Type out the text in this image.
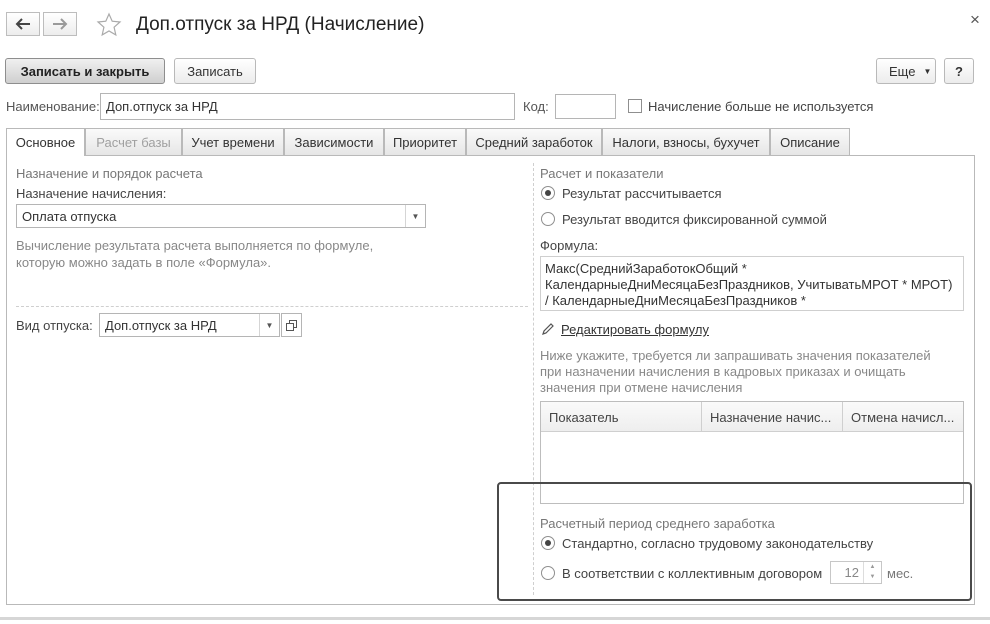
Доп.отпуск за НРД (Начисление)	×
Записать и закрыть	Записать	Еще ▼	?
Наименование: Доп.отпуск за НРД	Код:	Начисление больше не используется
Основное	Расчет базы	Учет времени	Зависимости	Приоритет	Средний заработок	Налоги, взносы, бухучет	Описание
Назначение и порядок расчета
Назначение начисления:
Оплата отпуска	▼
Вычисление результата расчета выполняется по формуле,
которую можно задать в поле «Формула».
Вид отпуска: Доп.отпуск за НРД	▼
Расчет и показатели
Результат рассчитывается
Результат вводится фиксированной суммой
Формула:
Макс(СреднийЗаработокОбщий *
КалендарныеДниМесяцаБезПраздников, УчитыватьМРОТ * МРОТ)
/ КалендарныеДниМесяцаБезПраздников *
Редактировать формулу
Ниже укажите, требуется ли запрашивать значения показателей
при назначении начисления в кадровых приказах и очищать
значения при отмене начисления
Показатель	Назначение начис...	Отмена начисл...
Расчетный период среднего заработка
Стандартно, согласно трудовому законодательству
В соответствии с коллективным договором 12	▲
▼ мес.
